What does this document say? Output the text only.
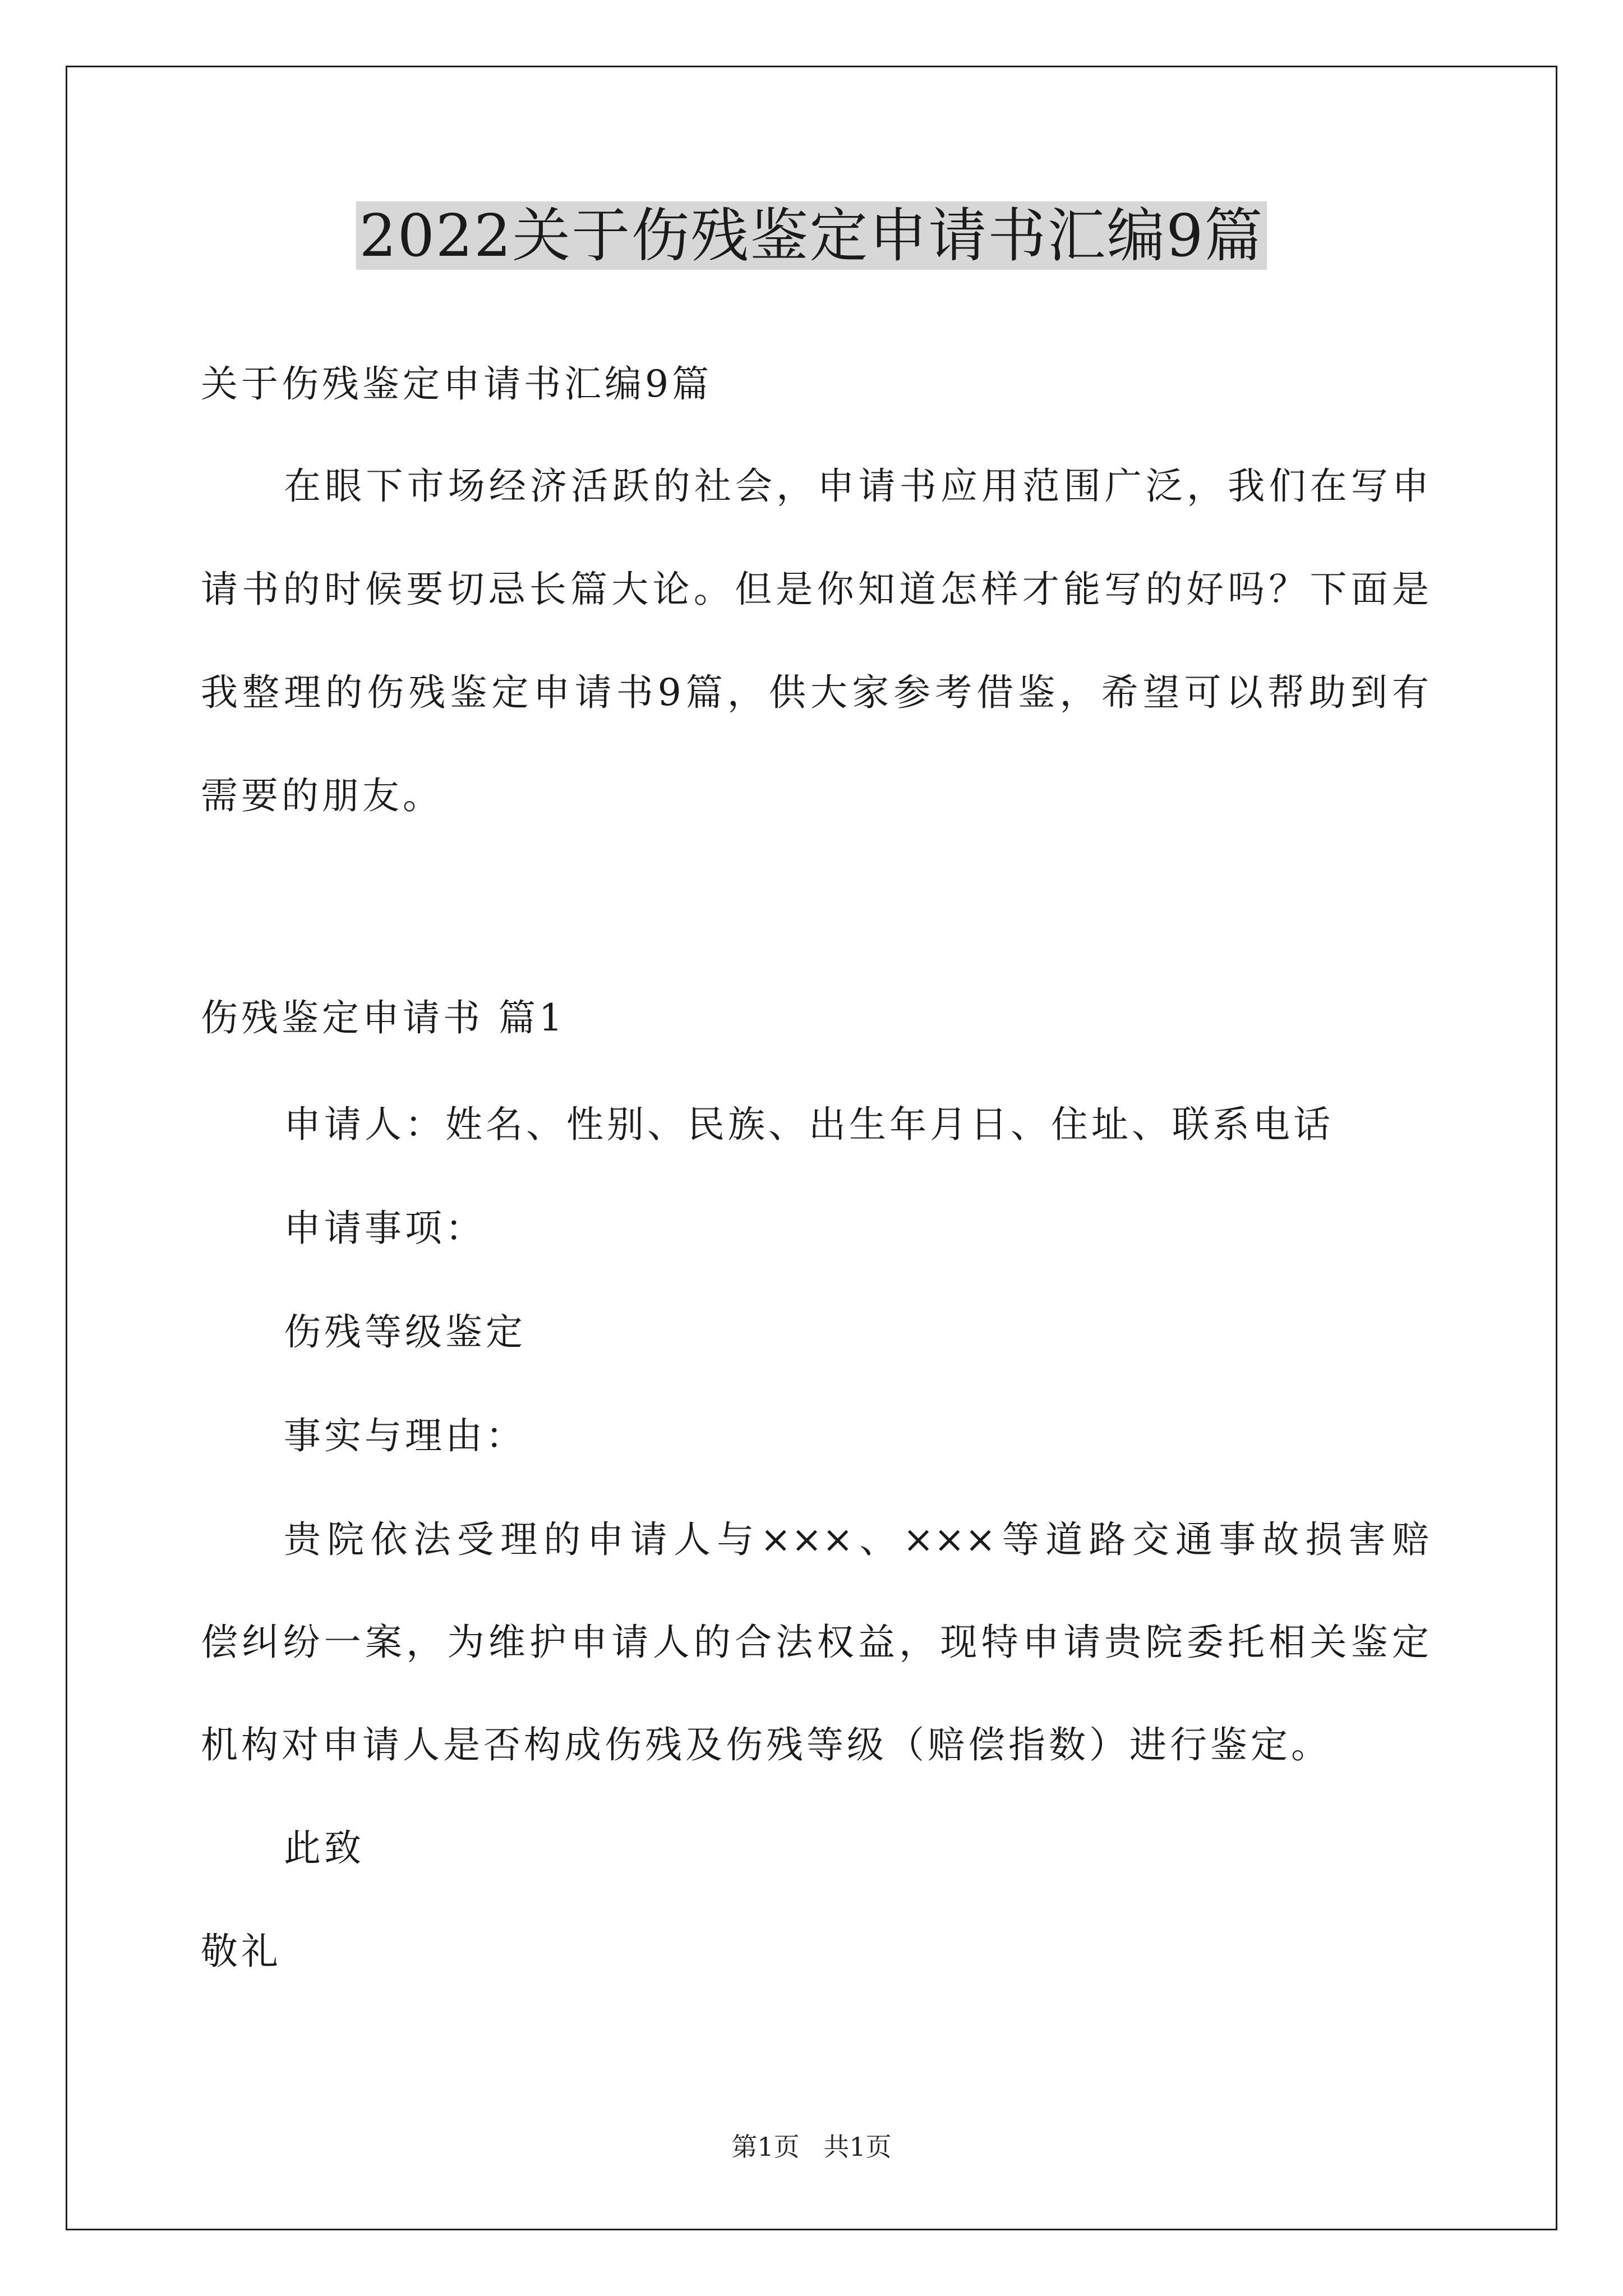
2022关于伤残鉴定申请书汇编9篇
关于伤残鉴定申请书汇编9篇
在眼下市场经济活跃的社会，申请书应用范围广泛，我们在写申
请书的时候要切忌长篇大论。但是你知道怎样才能写的好吗？下面是
我整理的伤残鉴定申请书9篇，供大家参考借鉴，希望可以帮助到有
需要的朋友。
伤残鉴定申请书 篇1
申请人：姓名、性别、民族、出生年月日、住址、联系电话
申请事项：
伤残等级鉴定
事实与理由：
贵院依法受理的申请人与×××、×××等道路交通事故损害赔
偿纠纷一案，为维护申请人的合法权益，现特申请贵院委托相关鉴定
机构对申请人是否构成伤残及伤残等级（赔偿指数）进行鉴定。
此致
敬礼
第1页 共1页
